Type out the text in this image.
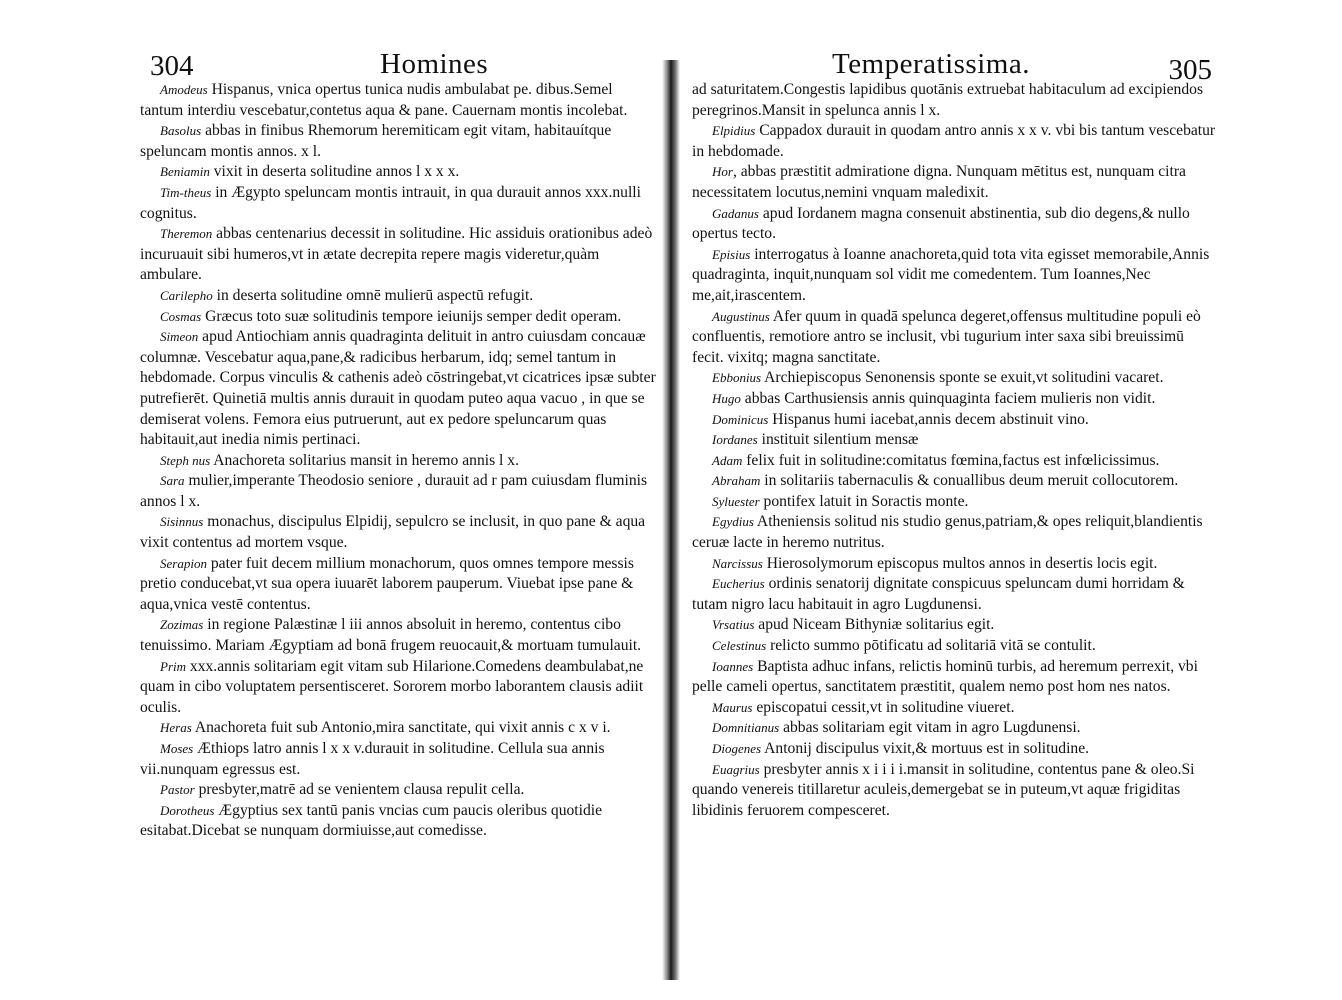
304	Homines

Amodeus Hispanus, vnica opertus tunica nudis ambulabat pe. dibus.Semel tantum interdiu vescebatur,contetus aqua & pane. Cauernam montis incolebat.

Basolus abbas in finibus Rhemorum heremiticam egit vitam, habitauítque speluncam montis annos. x l.

Beniamin vixit in deserta solitudine annos l x x x.

Tim-theus in Ægypto speluncam montis intrauit, in qua durauit annos xxx.nulli cognitus.

Theremon abbas centenarius decessit in solitudine. Hic assiduis orationibus adeò incuruauit sibi humeros,vt in ætate decrepita repere magis videretur,quàm ambulare.

Carilepho in deserta solitudine omnē mulierū aspectū refugit.

Cosmas Græcus toto suæ solitudinis tempore ieiunijs semper dedit operam.

Simeon apud Antiochiam annis quadraginta delituit in antro cuiusdam concauæ columnæ. Vescebatur aqua,pane,& radicibus herbarum, idq; semel tantum in hebdomade. Corpus vinculis & cathenis adeò cōstringebat,vt cicatrices ipsæ subter putrefierēt. Quinetiā multis annis durauit in quodam puteo aqua vacuo , in que se demiserat volens. Femora eius putruerunt, aut ex pedore speluncarum quas habitauit,aut inedia nimis pertinaci.

Steph nus Anachoreta solitarius mansit in heremo annis l x.

Sara mulier,imperante Theodosio seniore , durauit ad r pam cuiusdam fluminis annos l x.

Sisinnus monachus, discipulus Elpidij, sepulcro se inclusit, in quo pane & aqua vixit contentus ad mortem vsque.

Serapion pater fuit decem millium monachorum, quos omnes tempore messis pretio conducebat,vt sua opera iuuarēt laborem pauperum. Viuebat ipse pane & aqua,vnica vestē contentus.

Zozimas in regione Palæstinæ l iii annos absoluit in heremo, contentus cibo tenuissimo. Mariam Ægyptiam ad bonā frugem reuocauit,& mortuam tumulauit.

Prim xxx.annis solitariam egit vitam sub Hilarione.Comedens deambulabat,ne quam in cibo voluptatem persentisceret. Sororem morbo laborantem clausis adiit oculis.

Heras Anachoreta fuit sub Antonio,mira sanctitate, qui vixit annis c x v i.

Moses Æthiops latro annis l x x v.durauit in solitudine. Cellula sua annis vii.nunquam egressus est.

Pastor presbyter,matrē ad se venientem clausa repulit cella.

Dorotheus Ægyptius sex tantū panis vncias cum paucis oleribus quotidie esitabat.Dicebat se nunquam dormiuisse,aut comedisse.

Temperatissima.	305

ad saturitatem.Congestis lapidibus quotānis extruebat habitaculum ad excipiendos peregrinos.Mansit in spelunca annis l x.

Elpidius Cappadox durauit in quodam antro annis x x v. vbi bis tantum vescebatur in hebdomade.

Hor, abbas præstitit admiratione digna. Nunquam mētitus est, nunquam citra necessitatem locutus,nemini vnquam maledixit.

Gadanus apud Iordanem magna consenuit abstinentia, sub dio degens,& nullo opertus tecto.

Episius interrogatus à Ioanne anachoreta,quid tota vita egisset memorabile,Annis quadraginta, inquit,nunquam sol vidit me comedentem. Tum Ioannes,Nec me,ait,irascentem.

Augustinus Afer quum in quadā spelunca degeret,offensus multitudine populi eò confluentis, remotiore antro se inclusit, vbi tugurium inter saxa sibi breuissimū fecit. vixitq; magna sanctitate.

Ebbonius Archiepiscopus Senonensis sponte se exuit,vt solitudini vacaret.

Hugo abbas Carthusiensis annis quinquaginta faciem mulieris non vidit.

Dominicus Hispanus humi iacebat,annis decem abstinuit vino.

Iordanes instituit silentium mensæ

Adam felix fuit in solitudine:comitatus fœmina,factus est infœlicissimus.

Abraham in solitariis tabernaculis & conuallibus deum meruit collocutorem.

Syluester pontifex latuit in Soractis monte.

Egydius Atheniensis solitud nis studio genus,patriam,& opes reliquit,blandientis ceruæ lacte in heremo nutritus.

Narcissus Hierosolymorum episcopus multos annos in desertis locis egit.

Eucherius ordinis senatorij dignitate conspicuus speluncam dumi horridam & tutam nigro lacu habitauit in agro Lugdunensi.

Vrsatius apud Niceam Bithyniæ solitarius egit.

Celestinus relicto summo pōtificatu ad solitariā vitā se contulit.

Ioannes Baptista adhuc infans, relictis hominū turbis, ad heremum perrexit, vbi pelle cameli opertus, sanctitatem præstitit, qualem nemo post hom nes natos.

Maurus episcopatui cessit,vt in solitudine viueret.

Domnitianus abbas solitariam egit vitam in agro Lugdunensi.

Diogenes Antonij discipulus vixit,& mortuus est in solitudine.

Euagrius presbyter annis x i i i i.mansit in solitudine, contentus pane & oleo.Si quando venereis titillaretur aculeis,demergebat se in puteum,vt aquæ frigiditas libidinis feruorem compesceret.
